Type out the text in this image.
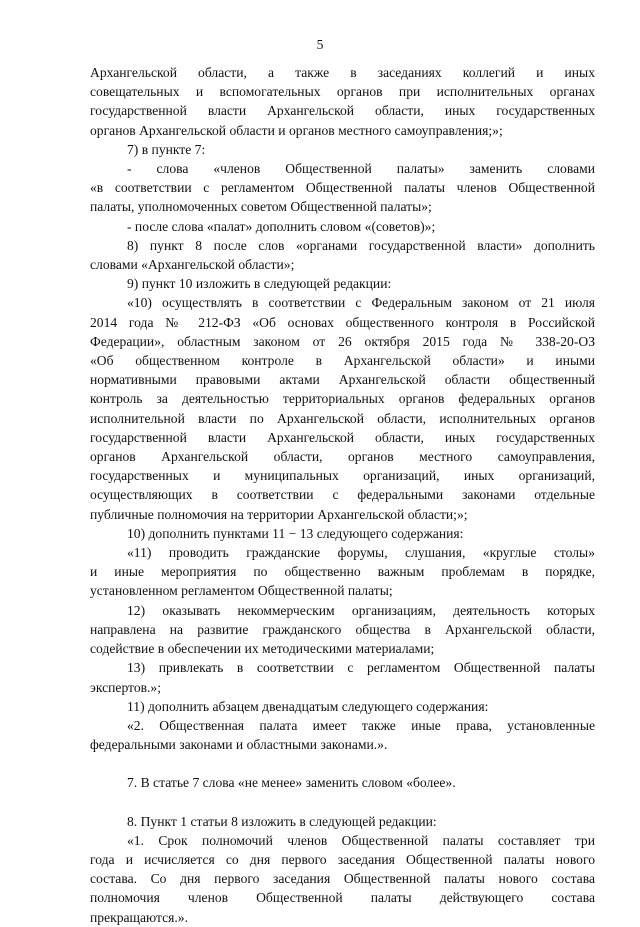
5

Архангельской области, а также в заседаниях коллегий и иных

совещательных и вспомогательных органов при исполнительных органах

государственной власти Архангельской области, иных государственных

органов Архангельской области и органов местного самоуправления;»;

7) в пункте 7:

- слова «членов Общественной палаты» заменить словами

«в соответствии с регламентом Общественной палаты членов Общественной

палаты, уполномоченных советом Общественной палаты»;

- после слова «палат» дополнить словом «(советов)»;

8) пункт 8 после слов «органами государственной власти» дополнить

словами «Архангельской области»;

9) пункт 10 изложить в следующей редакции:

«10) осуществлять в соответствии с Федеральным законом от 21 июля

2014 года № 212-ФЗ «Об основах общественного контроля в Российской

Федерации», областным законом от 26 октября 2015 года № 338-20-ОЗ

«Об общественном контроле в Архангельской области» и иными

нормативными правовыми актами Архангельской области общественный

контроль за деятельностью территориальных органов федеральных органов

исполнительной власти по Архангельской области, исполнительных органов

государственной власти Архангельской области, иных государственных

органов Архангельской области, органов местного самоуправления,

государственных и муниципальных организаций, иных организаций,

осуществляющих в соответствии с федеральными законами отдельные

публичные полномочия на территории Архангельской области;»;

10) дополнить пунктами 11 − 13 следующего содержания:

«11) проводить гражданские форумы, слушания, «круглые столы»

и иные мероприятия по общественно важным проблемам в порядке,

установленном регламентом Общественной палаты;

12) оказывать некоммерческим организациям, деятельность которых

направлена на развитие гражданского общества в Архангельской области,

содействие в обеспечении их методическими материалами;

13) привлекать в соответствии с регламентом Общественной палаты

экспертов.»;

11) дополнить абзацем двенадцатым следующего содержания:

«2. Общественная палата имеет также иные права, установленные

федеральными законами и областными законами.».

7. В статье 7 слова «не менее» заменить словом «более».

8. Пункт 1 статьи 8 изложить в следующей редакции:

«1. Срок полномочий членов Общественной палаты составляет три

года и исчисляется со дня первого заседания Общественной палаты нового

состава. Со дня первого заседания Общественной палаты нового состава

полномочия членов Общественной палаты действующего состава

прекращаются.».
